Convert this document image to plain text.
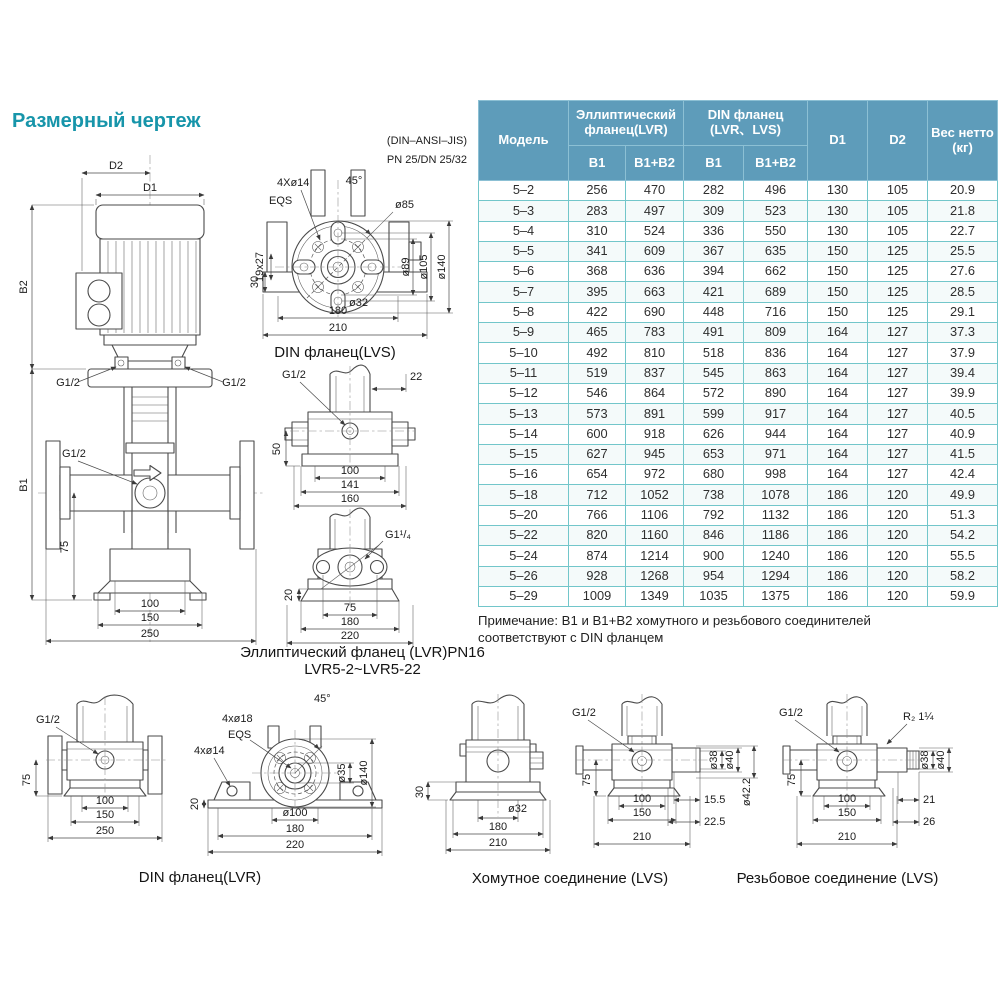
Размерный чертеж
D2
D1
B2
B1
75
100
150
250
G1/2	G1/2
G1/2
(DIN–ANSI–JIS)
PN 25/DN 25/32
4Xø14
EQS
45°
ø85
ø89 ø105 ø140
19x27
30
ø32
180
210
DIN фланец(LVS)
G1/2	22
50
100
141
160
G1¹/₄
20
75
180
220
Эллиптический фланец (LVR)PN16
LVR5-2~LVR5-22
G1/2
75
100
150
250
45°
4xø18
EQS
4xø14
20
ø100
180
220
ø35 ø140
DIN фланец(LVR)
30
ø32
180
210
G1/2
75
ø38 ø40
ø42.2
15.5
22.5
100
150
210
Хомутное соединение (LVS)
G1/2	R₂ 1¼
75
ø38 ø40
21
26
100
150
210
Резьбовое соединение (LVS)
Модель	Эллиптический фланец(LVR)		DIN фланец (LVR、LVS)		D1	D2	Вес нетто (кг)
	B1	B1+B2	B1	B1+B2			
5–2	256	470	282	496	130	105	20.9
5–3	283	497	309	523	130	105	21.8
5–4	310	524	336	550	130	105	22.7
5–5	341	609	367	635	150	125	25.5
5–6	368	636	394	662	150	125	27.6
5–7	395	663	421	689	150	125	28.5
5–8	422	690	448	716	150	125	29.1
5–9	465	783	491	809	164	127	37.3
5–10	492	810	518	836	164	127	37.9
5–11	519	837	545	863	164	127	39.4
5–12	546	864	572	890	164	127	39.9
5–13	573	891	599	917	164	127	40.5
5–14	600	918	626	944	164	127	40.9
5–15	627	945	653	971	164	127	41.5
5–16	654	972	680	998	164	127	42.4
5–18	712	1052	738	1078	186	120	49.9
5–20	766	1106	792	1132	186	120	51.3
5–22	820	1160	846	1186	186	120	54.2
5–24	874	1214	900	1240	186	120	55.5
5–26	928	1268	954	1294	186	120	58.2
5–29	1009	1349	1035	1375	186	120	59.9
Примечание: B1 и B1+B2 хомутного и резьбового соединителей
соответствуют с DIN фланцем
